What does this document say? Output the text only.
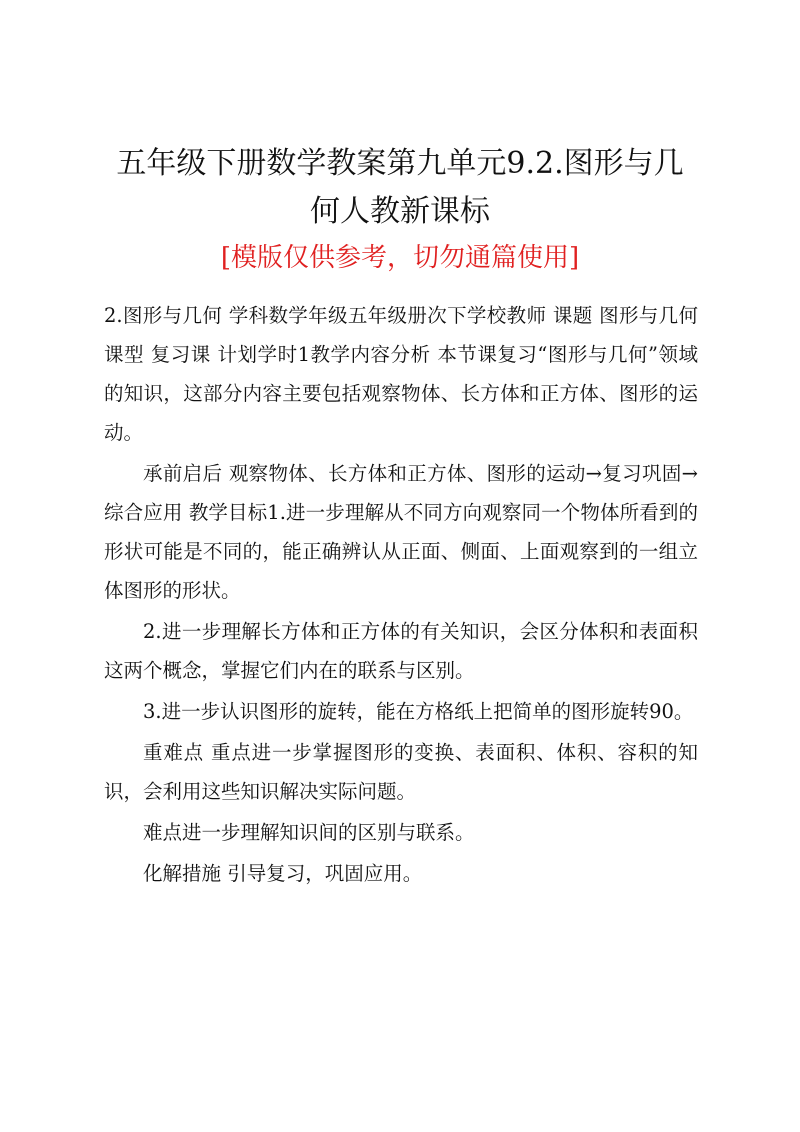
五年级下册数学教案第九单元9.2.图形与几
何人教新课标

[模版仅供参考，切勿通篇使用]

2.图形与几何 学科数学年级五年级册次下学校教师 课题 图形与几何 课型 复习课 计划学时1教学内容分析 本节课复习“图形与几何”领域的知识，这部分内容主要包括观察物体、长方体和正方体、图形的运动。

承前启后 观察物体、长方体和正方体、图形的运动→复习巩固→综合应用 教学目标1.进一步理解从不同方向观察同一个物体所看到的形状可能是不同的，能正确辨认从正面、侧面、上面观察到的一组立体图形的形状。

2.进一步理解长方体和正方体的有关知识，会区分体积和表面积这两个概念，掌握它们内在的联系与区别。

3.进一步认识图形的旋转，能在方格纸上把简单的图形旋转90。

重难点 重点进一步掌握图形的变换、表面积、体积、容积的知识，会利用这些知识解决实际问题。

难点进一步理解知识间的区别与联系。

化解措施 引导复习，巩固应用。
